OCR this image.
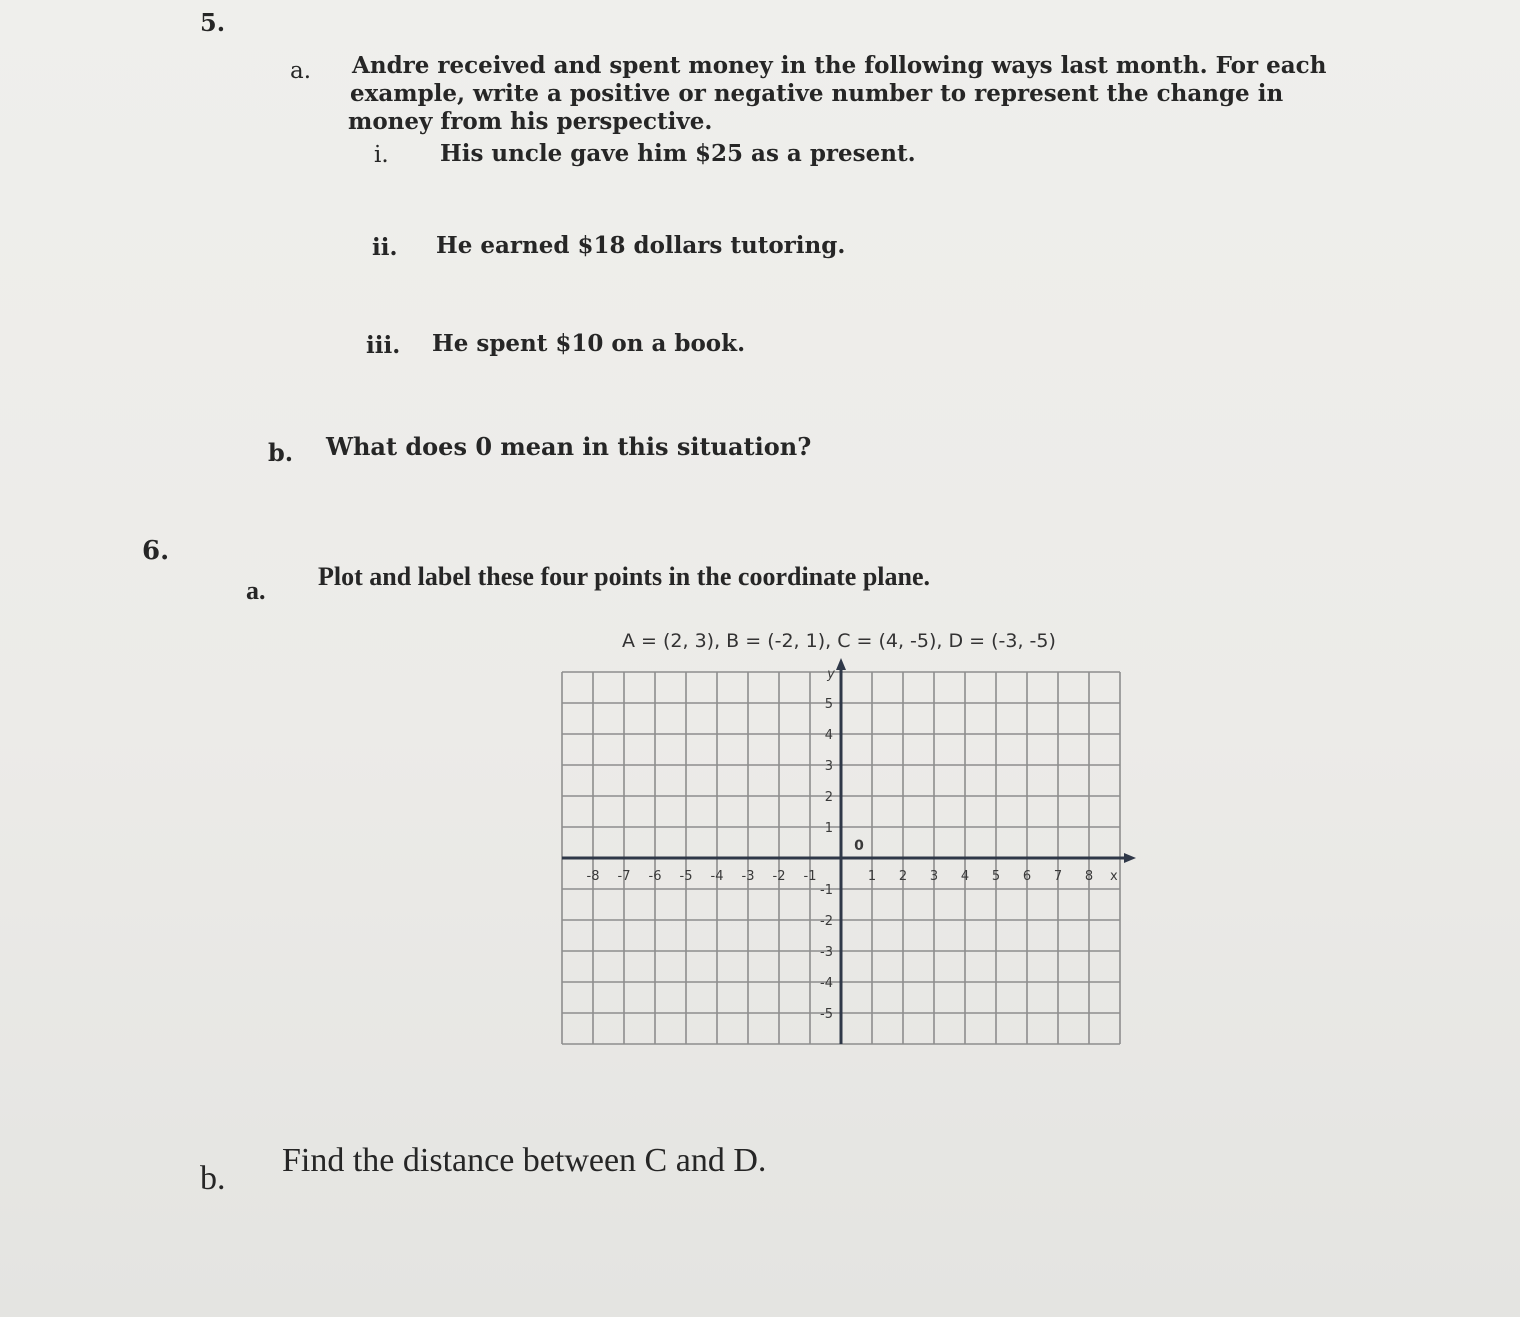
5.
a. Andre received and spent money in the following ways last month. For each
example, write a positive or negative number to represent the change in
money from his perspective.
i. His uncle gave him $25 as a present.
ii. He earned $18 dollars tutoring.
iii. He spent $10 on a book.
b. What does 0 mean in this situation?
6.
a. Plot and label these four points in the coordinate plane.
A = (2, 3), B = (-2, 1), C = (4, -5), D = (-3, -5)
-8 -7 -6 -5 -4 -3 -2 -1	1 2 3 4 5 6 7 8
5
4
3
2
1
-1
-2
-3
-4
-5
x
y
0
b. Find the distance between C and D.
